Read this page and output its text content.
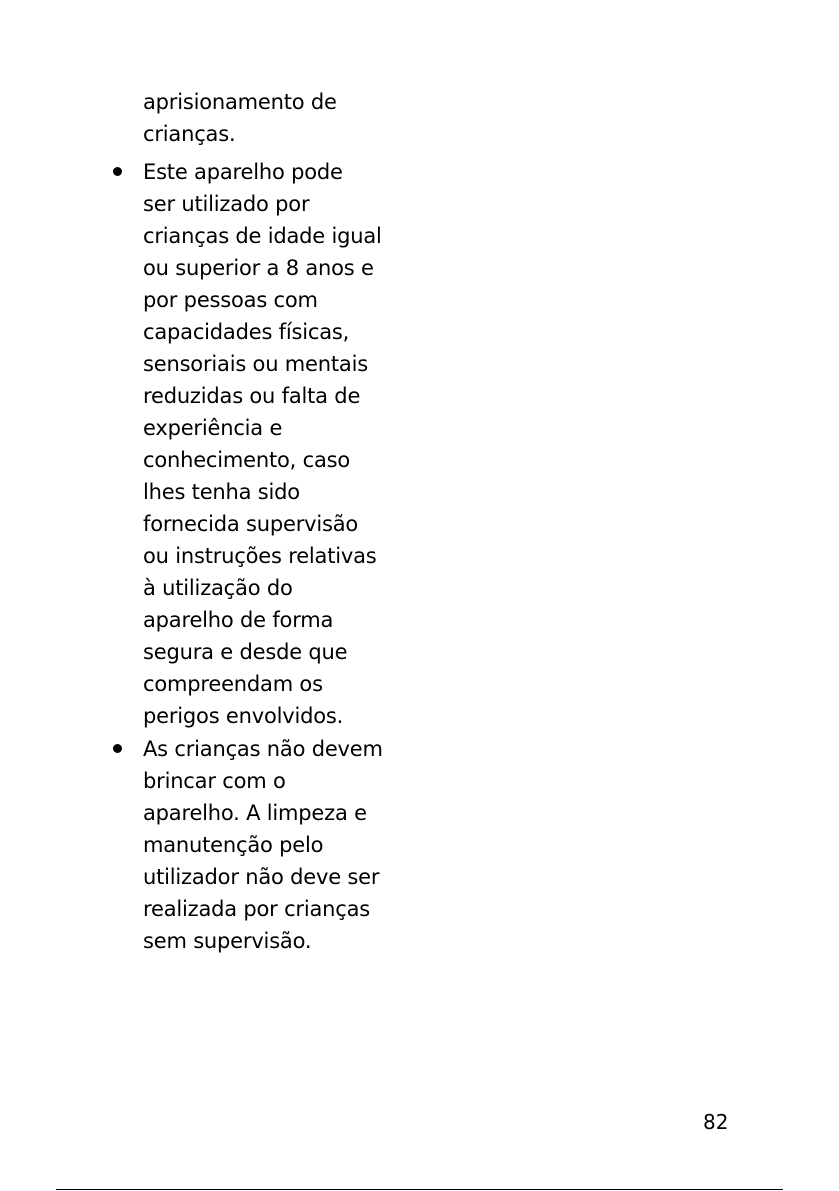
aprisionamento de
crianças.
Este aparelho pode
ser utilizado por
crianças de idade igual
ou superior a 8 anos e
por pessoas com
capacidades físicas,
sensoriais ou mentais
reduzidas ou falta de
experiência e
conhecimento, caso
lhes tenha sido
fornecida supervisão
ou instruções relativas
à utilização do
aparelho de forma
segura e desde que
compreendam os
perigos envolvidos.
As crianças não devem
brincar com o
aparelho. A limpeza e
manutenção pelo
utilizador não deve ser
realizada por crianças
sem supervisão.
82
